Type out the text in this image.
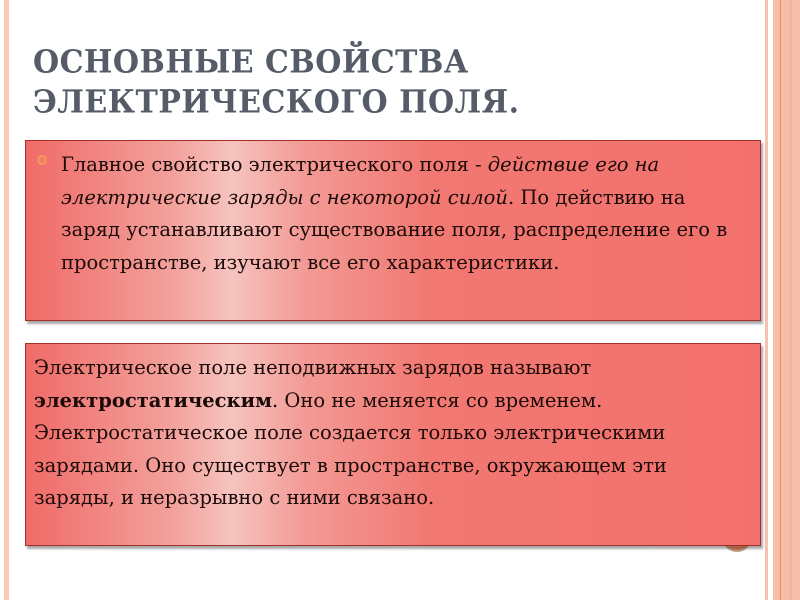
ОСНОВНЫЕ СВОЙСТВА
ЭЛЕКТРИЧЕСКОГО ПОЛЯ.

Главное свойство электрического поля - действие его на электрические заряды с некоторой силой. По действию на заряд устанавливают существование поля, распределение его в пространстве, изучают все его характеристики.

Электрическое поле неподвижных зарядов называют электростатическим. Оно не меняется со временем. Электростатическое поле создается только электрическими зарядами. Оно существует в пространстве, окружающем эти заряды, и неразрывно с ними связано.
